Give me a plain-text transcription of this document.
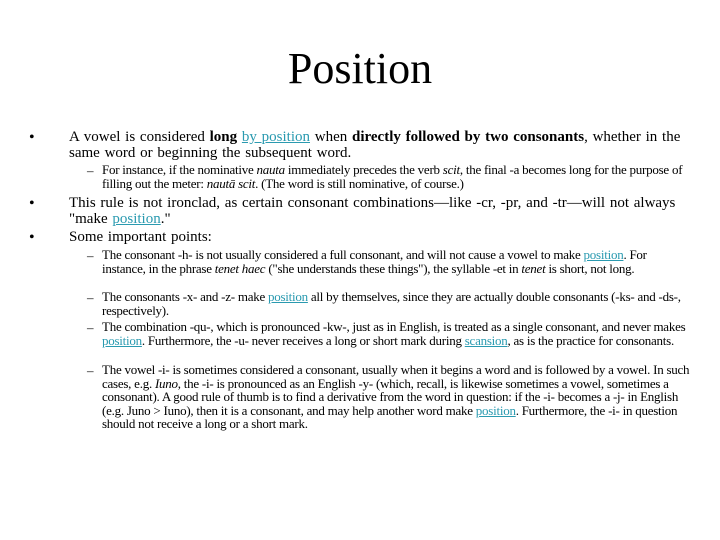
Position
• A vowel is considered long by position when directly followed by two consonants, whether in the same word or beginning the subsequent word.
– For instance, if the nominative nauta immediately precedes the verb scit, the final -a becomes long for the purpose of filling out the meter: nautā scit. (The word is still nominative, of course.)
• This rule is not ironclad, as certain consonant combinations—like -cr, -pr, and -tr—will not always "make position."
• Some important points:
– The consonant -h- is not usually considered a full consonant, and will not cause a vowel to make position. For instance, in the phrase tenet haec ("she understands these things"), the syllable -et in tenet is short, not long.
– The consonants -x- and -z- make position all by themselves, since they are actually double consonants (-ks- and -ds-, respectively).
– The combination -qu-, which is pronounced -kw-, just as in English, is treated as a single consonant, and never makes position. Furthermore, the -u- never receives a long or short mark during scansion, as is the practice for consonants.
– The vowel -i- is sometimes considered a consonant, usually when it begins a word and is followed by a vowel. In such cases, e.g. Iuno, the -i- is pronounced as an English -y- (which, recall, is likewise sometimes a vowel, sometimes a consonant). A good rule of thumb is to find a derivative from the word in question: if the -i- becomes a -j- in English (e.g. Juno > Iuno), then it is a consonant, and may help another word make position. Furthermore, the -i- in question should not receive a long or a short mark.
